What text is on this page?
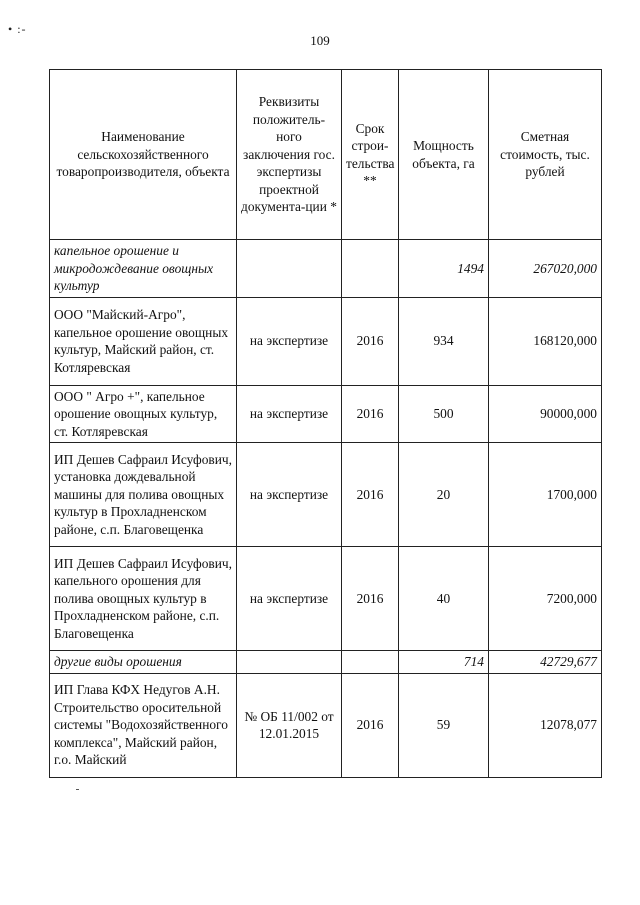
109
• :-
Наименование сельскохозяйственного товаропроизводителя, объекта	Реквизиты положитель-ного заключения гос. экспертизы проектной документа-ции *	Срок строи-тельства **	Мощность объекта, га	Сметная стоимость, тыс. рублей
капельное орошение и микродождевание овощных культур			1494	267020,000
ООО "Майский-Агро", капельное орошение овощных культур, Майский район, ст. Котляревская	на экспертизе	2016	934	168120,000
ООО " Агро +", капельное орошение овощных культур, ст. Котляревская	на экспертизе	2016	500	90000,000
ИП Дешев Сафраил Исуфович, установка дождевальной машины для полива овощных культур в Прохладненском районе, с.п. Благовещенка	на экспертизе	2016	20	1700,000
ИП Дешев Сафраил Исуфович, капельного орошения для полива овощных культур в Прохладненском районе, с.п. Благовещенка	на экспертизе	2016	40	7200,000
другие виды орошения			714	42729,677
ИП Глава КФХ Недугов А.Н. Строительство оросительной системы "Водохозяйственного комплекса", Майский район, г.о. Майский	№ ОБ 11/002 от 12.01.2015	2016	59	12078,077
